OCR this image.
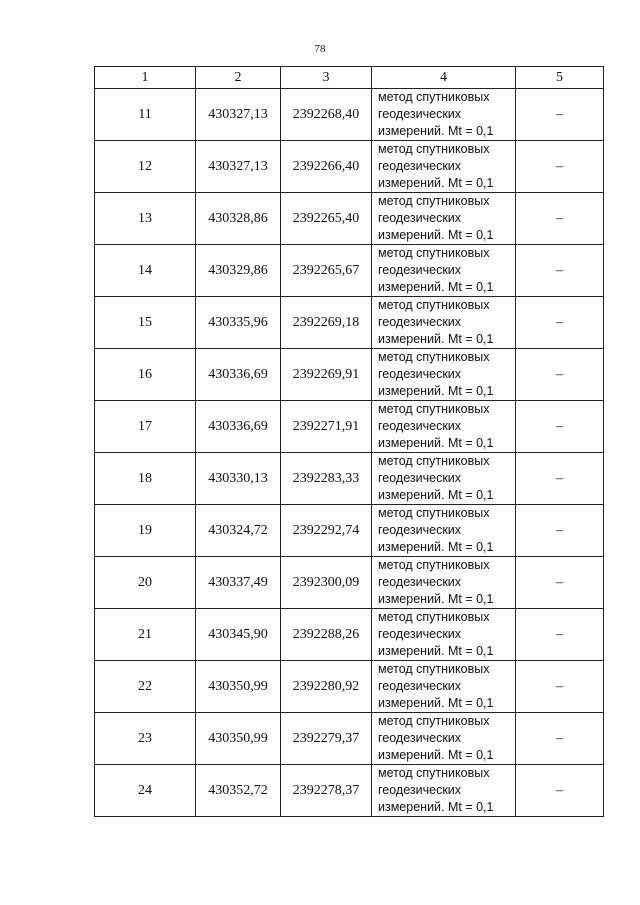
78
1	2	3	4	5
11	430327,13	2392268,40	метод спутниковых
геодезических
измерений. Mt = 0,1	–
12	430327,13	2392266,40	метод спутниковых
геодезических
измерений. Mt = 0,1	–
13	430328,86	2392265,40	метод спутниковых
геодезических
измерений. Mt = 0,1	–
14	430329,86	2392265,67	метод спутниковых
геодезических
измерений. Mt = 0,1	–
15	430335,96	2392269,18	метод спутниковых
геодезических
измерений. Mt = 0,1	–
16	430336,69	2392269,91	метод спутниковых
геодезических
измерений. Mt = 0,1	–
17	430336,69	2392271,91	метод спутниковых
геодезических
измерений. Mt = 0,1	–
18	430330,13	2392283,33	метод спутниковых
геодезических
измерений. Mt = 0,1	–
19	430324,72	2392292,74	метод спутниковых
геодезических
измерений. Mt = 0,1	–
20	430337,49	2392300,09	метод спутниковых
геодезических
измерений. Mt = 0,1	–
21	430345,90	2392288,26	метод спутниковых
геодезических
измерений. Mt = 0,1	–
22	430350,99	2392280,92	метод спутниковых
геодезических
измерений. Mt = 0,1	–
23	430350,99	2392279,37	метод спутниковых
геодезических
измерений. Mt = 0,1	–
24	430352,72	2392278,37	метод спутниковых
геодезических
измерений. Mt = 0,1	–
